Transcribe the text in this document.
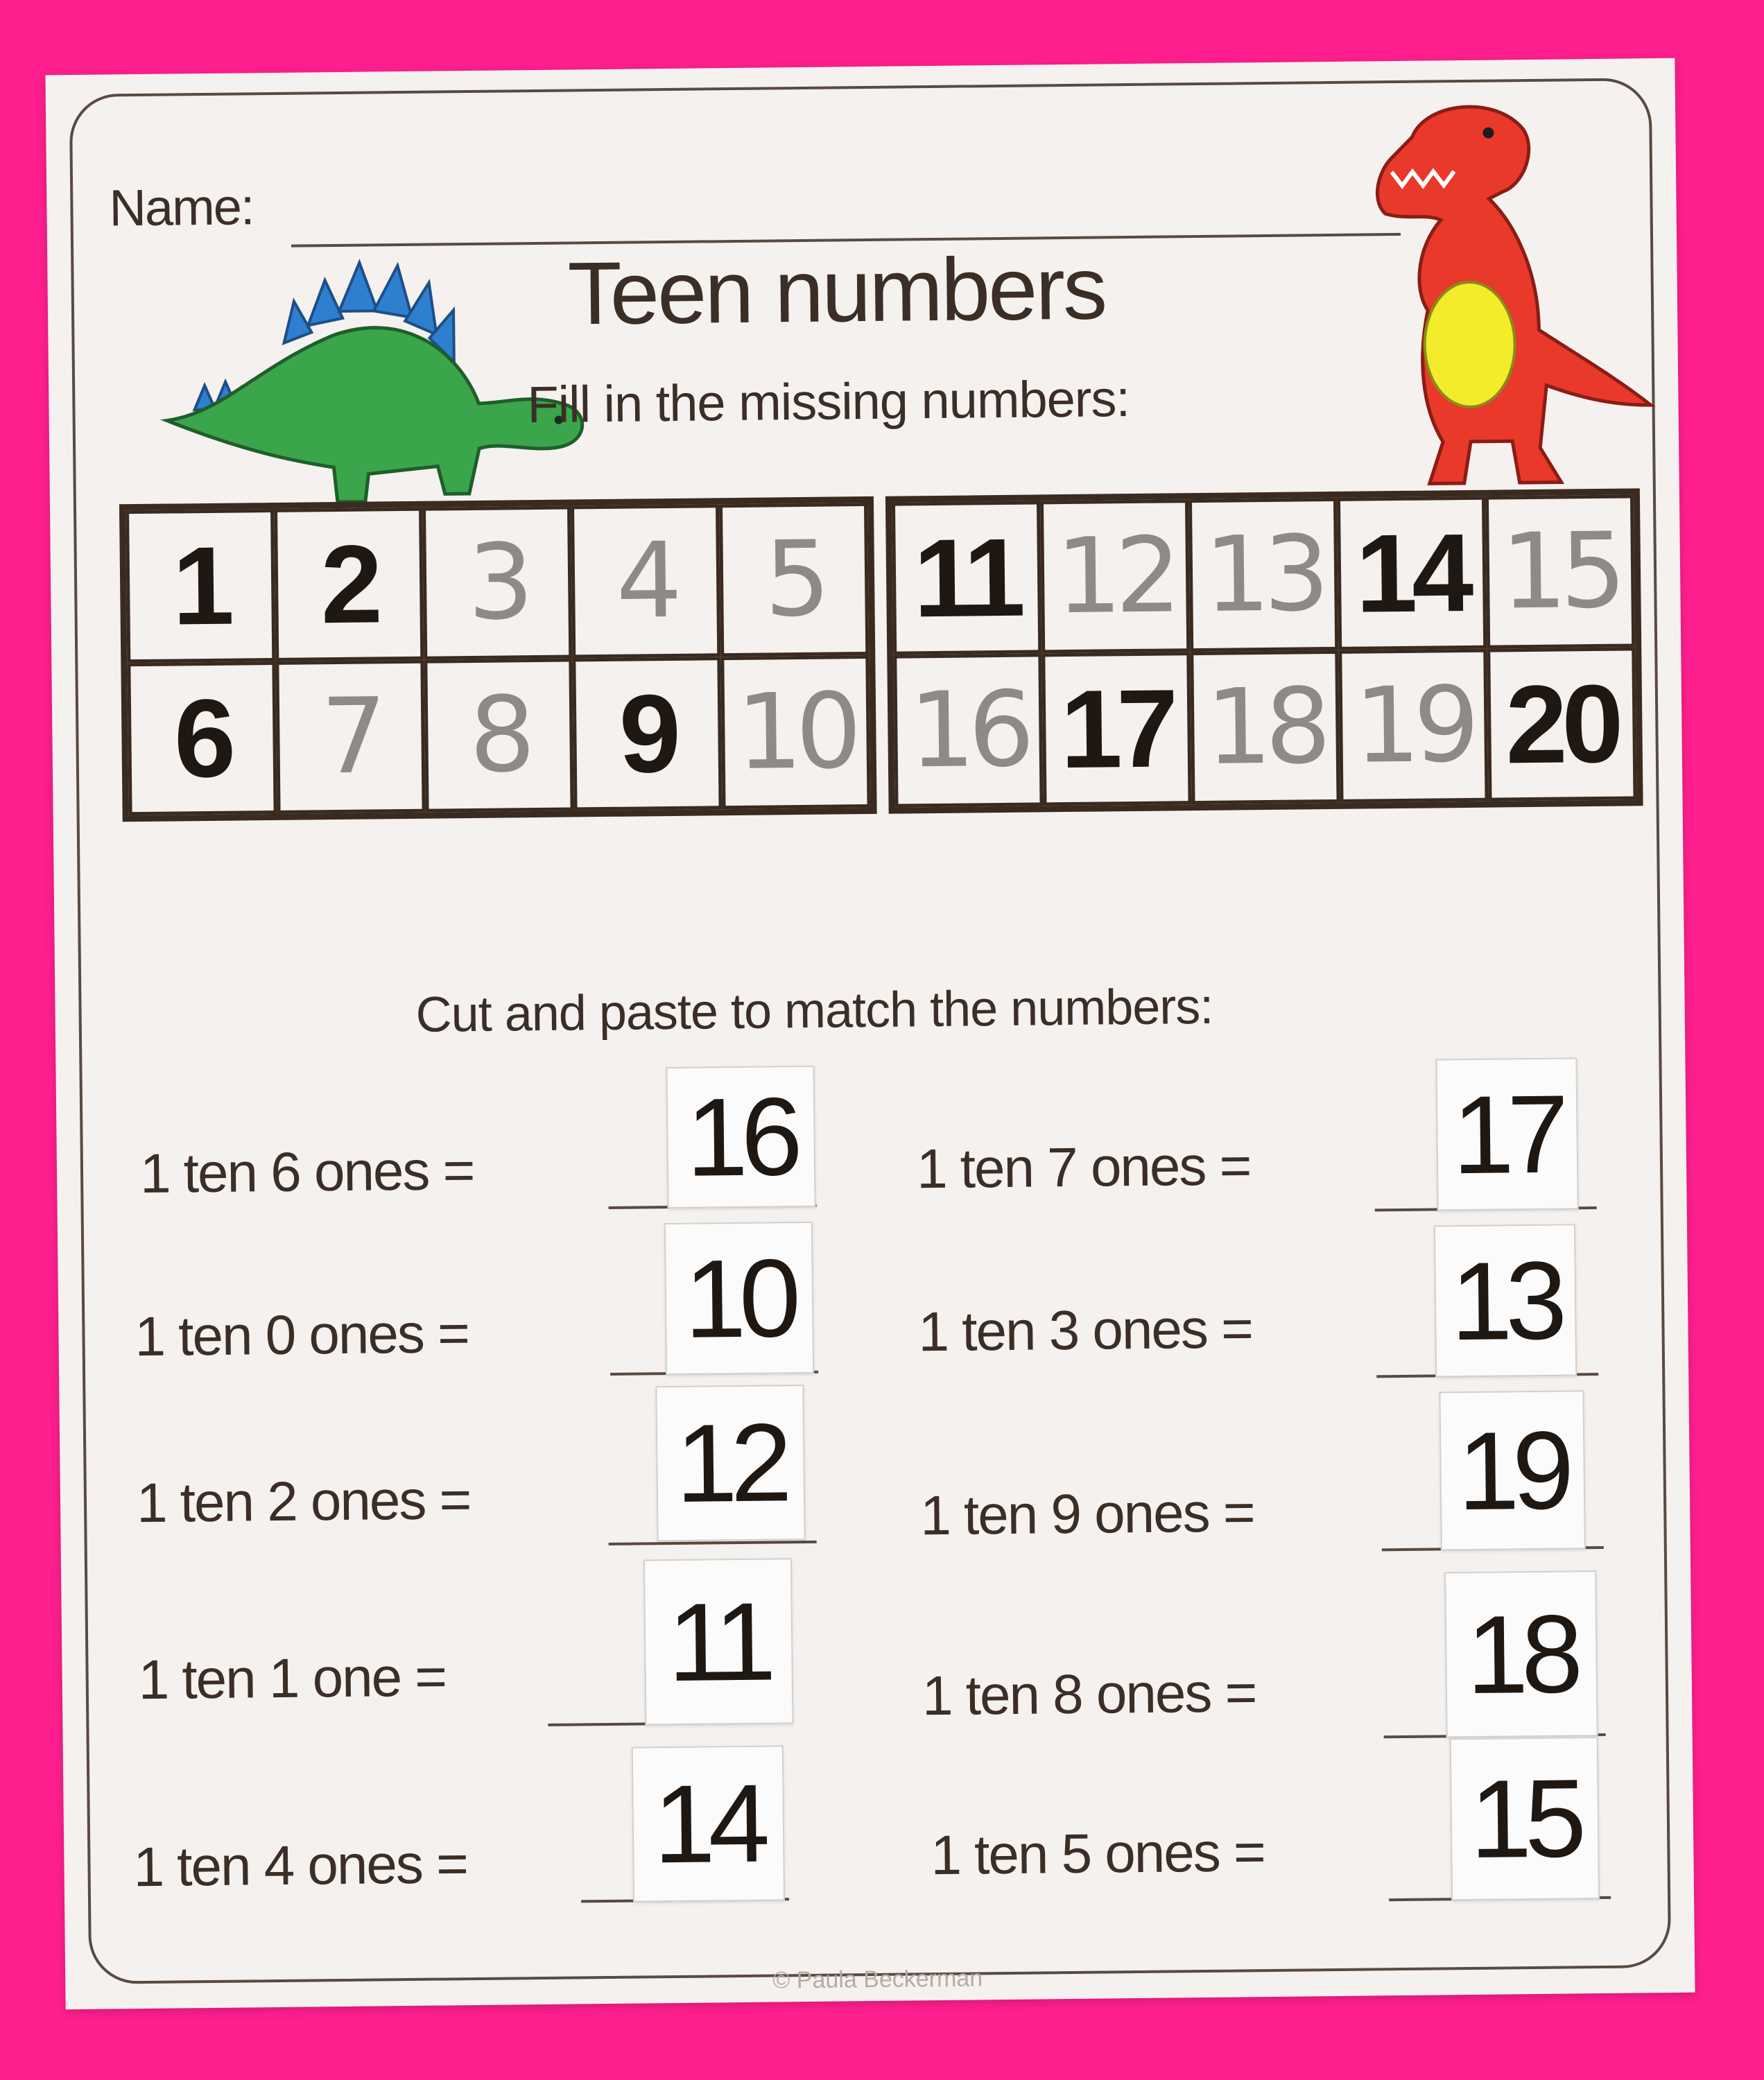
Name:
Teen numbers
Fill in the missing numbers:
1 2 3 4 5
6 7 8 9 10
11 12 13 14 15
16 17 18 19 20
Cut and paste to match the numbers:
1 ten 6 ones = 16
1 ten 0 ones = 10
1 ten 2 ones = 12
1 ten 1 one = 11
1 ten 4 ones = 14
1 ten 7 ones = 17
1 ten 3 ones = 13
1 ten 9 ones = 19
1 ten 8 ones = 18
1 ten 5 ones = 15
© Paula Beckerman
